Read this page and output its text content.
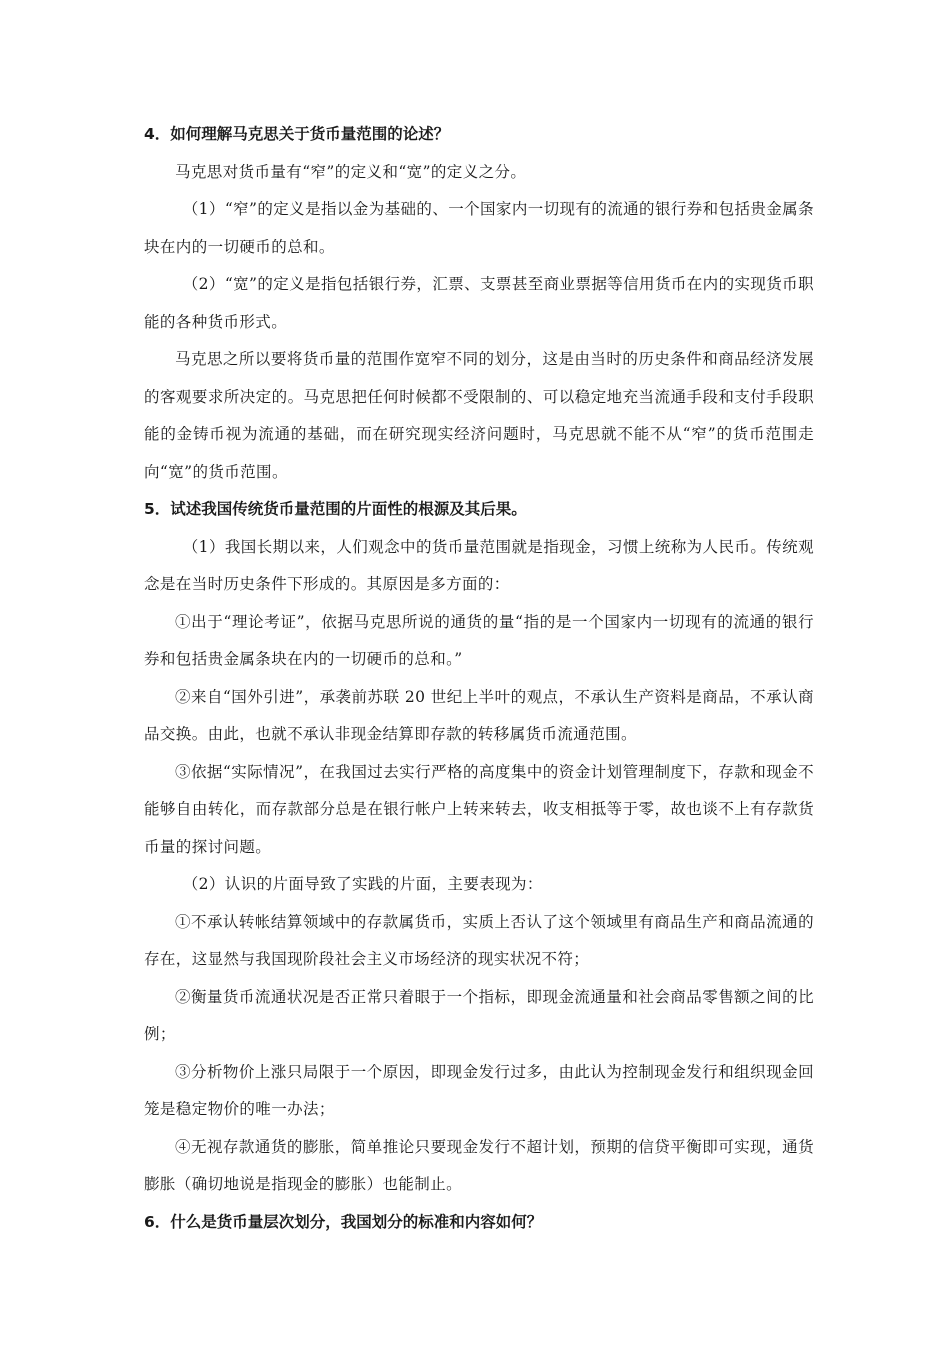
4．如何理解马克思关于货币量范围的论述？

马克思对货币量有“窄”的定义和“宽”的定义之分。

（1）“窄”的定义是指以金为基础的、一个国家内一切现有的流通的银行券和包括贵金属条块在内的一切硬币的总和。

（2）“宽”的定义是指包括银行券，汇票、支票甚至商业票据等信用货币在内的实现货币职能的各种货币形式。

马克思之所以要将货币量的范围作宽窄不同的划分，这是由当时的历史条件和商品经济发展的客观要求所决定的。马克思把任何时候都不受限制的、可以稳定地充当流通手段和支付手段职能的金铸币视为流通的基础，而在研究现实经济问题时，马克思就不能不从“窄”的货币范围走向“宽”的货币范围。

5．试述我国传统货币量范围的片面性的根源及其后果。

（1）我国长期以来，人们观念中的货币量范围就是指现金，习惯上统称为人民币。传统观念是在当时历史条件下形成的。其原因是多方面的：

①出于“理论考证”，依据马克思所说的通货的量“指的是一个国家内一切现有的流通的银行券和包括贵金属条块在内的一切硬币的总和。”

②来自“国外引进”，承袭前苏联 20 世纪上半叶的观点，不承认生产资料是商品，不承认商品交换。由此，也就不承认非现金结算即存款的转移属货币流通范围。

③依据“实际情况”，在我国过去实行严格的高度集中的资金计划管理制度下，存款和现金不能够自由转化，而存款部分总是在银行帐户上转来转去，收支相抵等于零，故也谈不上有存款货币量的探讨问题。

（2）认识的片面导致了实践的片面，主要表现为：

①不承认转帐结算领域中的存款属货币，实质上否认了这个领域里有商品生产和商品流通的存在，这显然与我国现阶段社会主义市场经济的现实状况不符；

②衡量货币流通状况是否正常只着眼于一个指标，即现金流通量和社会商品零售额之间的比例；

③分析物价上涨只局限于一个原因，即现金发行过多，由此认为控制现金发行和组织现金回笼是稳定物价的唯一办法；

④无视存款通货的膨胀，简单推论只要现金发行不超计划，预期的信贷平衡即可实现，通货膨胀（确切地说是指现金的膨胀）也能制止。

6．什么是货币量层次划分，我国划分的标准和内容如何？
